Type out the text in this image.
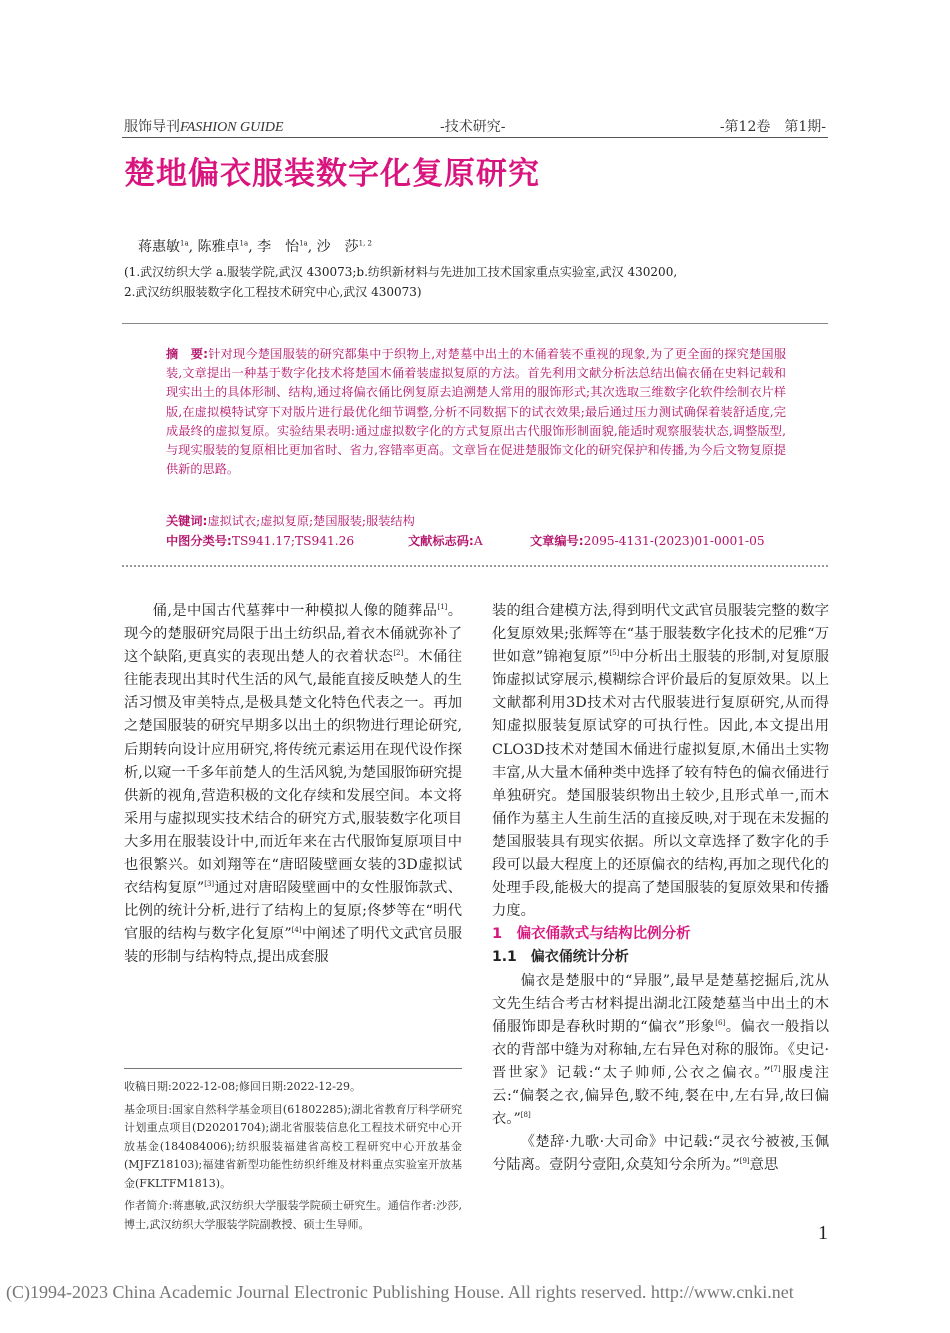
服饰导刊FASHION GUIDE	-技术研究-	-第12卷　第1期-
楚地偏衣服装数字化复原研究
蒋惠敏$^{1a}$, 陈雅卓$^{1a}$, 李　怡$^{1a}$, 沙　莎$^{1, 2}$
(1.武汉纺织大学 a.服装学院,武汉 430073;b.纺织新材料与先进加工技术国家重点实验室,武汉 430200,
2.武汉纺织服装数字化工程技术研究中心,武汉 430073)
摘　要:针对现今楚国服装的研究都集中于织物上,对楚墓中出土的木俑着装不重视的现象,为了更全面的探究楚国服装,文章提出一种基于数字化技术将楚国木俑着装虚拟复原的方法。首先利用文献分析法总结出偏衣俑在史料记载和现实出土的具体形制、结构,通过将偏衣俑比例复原去追溯楚人常用的服饰形式;其次选取三维数字化软件绘制衣片样版,在虚拟模特试穿下对版片进行最优化细节调整,分析不同数据下的试衣效果;最后通过压力测试确保着装舒适度,完成最终的虚拟复原。实验结果表明:通过虚拟数字化的方式复原出古代服饰形制面貌,能适时观察服装状态,调整版型,与现实服装的复原相比更加省时、省力,容错率更高。文章旨在促进楚服饰文化的研究保护和传播,为今后文物复原提供新的思路。
关键词:虚拟试衣;虚拟复原;楚国服装;服装结构
中图分类号:TS941.17;TS941.26	文献标志码:A	文章编号:2095-4131-(2023)01-0001-05

俑,是中国古代墓葬中一种模拟人像的随葬品[1]。现今的楚服研究局限于出土纺织品,着衣木俑就弥补了这个缺陷,更真实的表现出楚人的衣着状态[2]。木俑往往能表现出其时代生活的风气,最能直接反映楚人的生活习惯及审美特点,是极具楚文化特色代表之一。再加之楚国服装的研究早期多以出土的织物进行理论研究,后期转向设计应用研究,将传统元素运用在现代设作探析,以窥一千多年前楚人的生活风貌,为楚国服饰研究提供新的视角,营造积极的文化存续和发展空间。本文将采用与虚拟现实技术结合的研究方式,服装数字化项目大多用在服装设计中,而近年来在古代服饰复原项目中也很繁兴。如刘翔等在“唐昭陵壁画女装的3D虚拟试衣结构复原”[3]通过对唐昭陵壁画中的女性服饰款式、比例的统计分析,进行了结构上的复原;佟梦等在“明代官服的结构与数字化复原”[4]中阐述了明代文武官员服装的形制与结构特点,提出成套服

装的组合建模方法,得到明代文武官员服装完整的数字化复原效果;张辉等在“基于服装数字化技术的尼雅“万世如意”锦袍复原”[5]中分析出土服装的形制,对复原服饰虚拟试穿展示,模糊综合评价最后的复原效果。以上文献都利用3D技术对古代服装进行复原研究,从而得知虚拟服装复原试穿的可执行性。因此,本文提出用CLO3D技术对楚国木俑进行虚拟复原,木俑出土实物丰富,从大量木俑种类中选择了较有特色的偏衣俑进行单独研究。楚国服装织物出土较少,且形式单一,而木俑作为墓主人生前生活的直接反映,对于现在未发掘的楚国服装具有现实依据。所以文章选择了数字化的手段可以最大程度上的还原偏衣的结构,再加之现代化的处理手段,能极大的提高了楚国服装的复原效果和传播力度。

1　偏衣俑款式与结构比例分析

1.1　偏衣俑统计分析

偏衣是楚服中的“异服”,最早是楚墓挖掘后,沈从文先生结合考古材料提出湖北江陵楚墓当中出土的木俑服饰即是春秋时期的“偏衣”形象[6]。偏衣一般指以衣的背部中缝为对称轴,左右异色对称的服饰。《史记·晋世家》记载:“太子帅师,公衣之偏衣。”[7]服虔注云:“偏裻之衣,偏异色,駮不纯,裻在中,左右异,故曰偏衣。”[8]

《楚辞·九歌·大司命》中记载:“灵衣兮被被,玉佩兮陆离。壹阴兮壹阳,众莫知兮余所为。”[9]意思

收稿日期:2022-12-08;修回日期:2022-12-29。

基金项目:国家自然科学基金项目(61802285);湖北省教育厅科学研究计划重点项目(D20201704);湖北省服装信息化工程技术研究中心开放基金(184084006);纺织服装福建省高校工程研究中心开放基金(MJFZ18103);福建省新型功能性纺织纤维及材料重点实验室开放基金(FKLTFM1813)。

作者简介:蒋惠敏,武汉纺织大学服装学院硕士研究生。通信作者:沙莎,博士,武汉纺织大学服装学院副教授、硕士生导师。	1
(C)1994-2023 China Academic Journal Electronic Publishing House. All rights reserved. http://www.cnki.net
